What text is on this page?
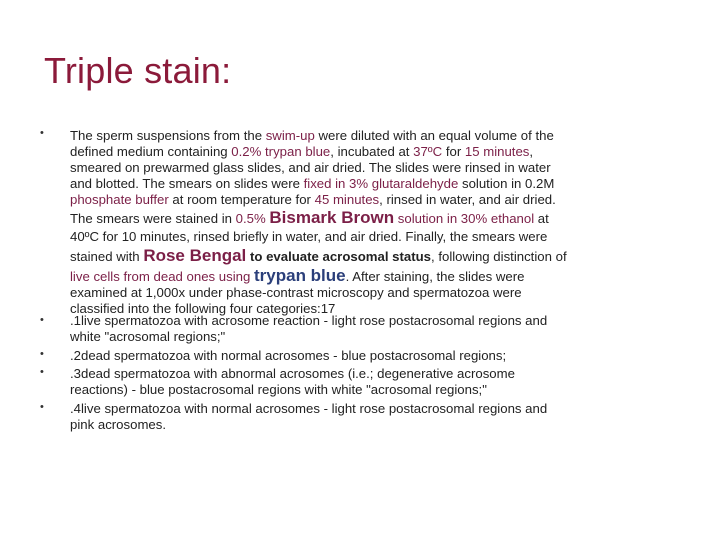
Triple stain:
•
•
•
•
•
The sperm suspensions from the swim-up were diluted with an equal volume of the
defined medium containing 0.2% trypan blue, incubated at 37ºC for 15 minutes,
smeared on prewarmed glass slides, and air dried. The slides were rinsed in water
and blotted. The smears on slides were fixed in 3% glutaraldehyde solution in 0.2M
phosphate buffer at room temperature for 45 minutes, rinsed in water, and air dried.
The smears were stained in 0.5% Bismark Brown solution in 30% ethanol at
40ºC for 10 minutes, rinsed briefly in water, and air dried. Finally, the smears were
stained with Rose Bengal to evaluate acrosomal status, following distinction of
live cells from dead ones using trypan blue. After staining, the slides were
examined at 1,000x under phase-contrast microscopy and spermatozoa were
classified into the following four categories:17
.1live spermatozoa with acrosome reaction - light rose postacrosomal regions and
white "acrosomal regions;"
.2dead spermatozoa with normal acrosomes - blue postacrosomal regions;
.3dead spermatozoa with abnormal acrosomes (i.e.; degenerative acrosome
reactions) - blue postacrosomal regions with white "acrosomal regions;"
.4live spermatozoa with normal acrosomes - light rose postacrosomal regions and
pink acrosomes.
